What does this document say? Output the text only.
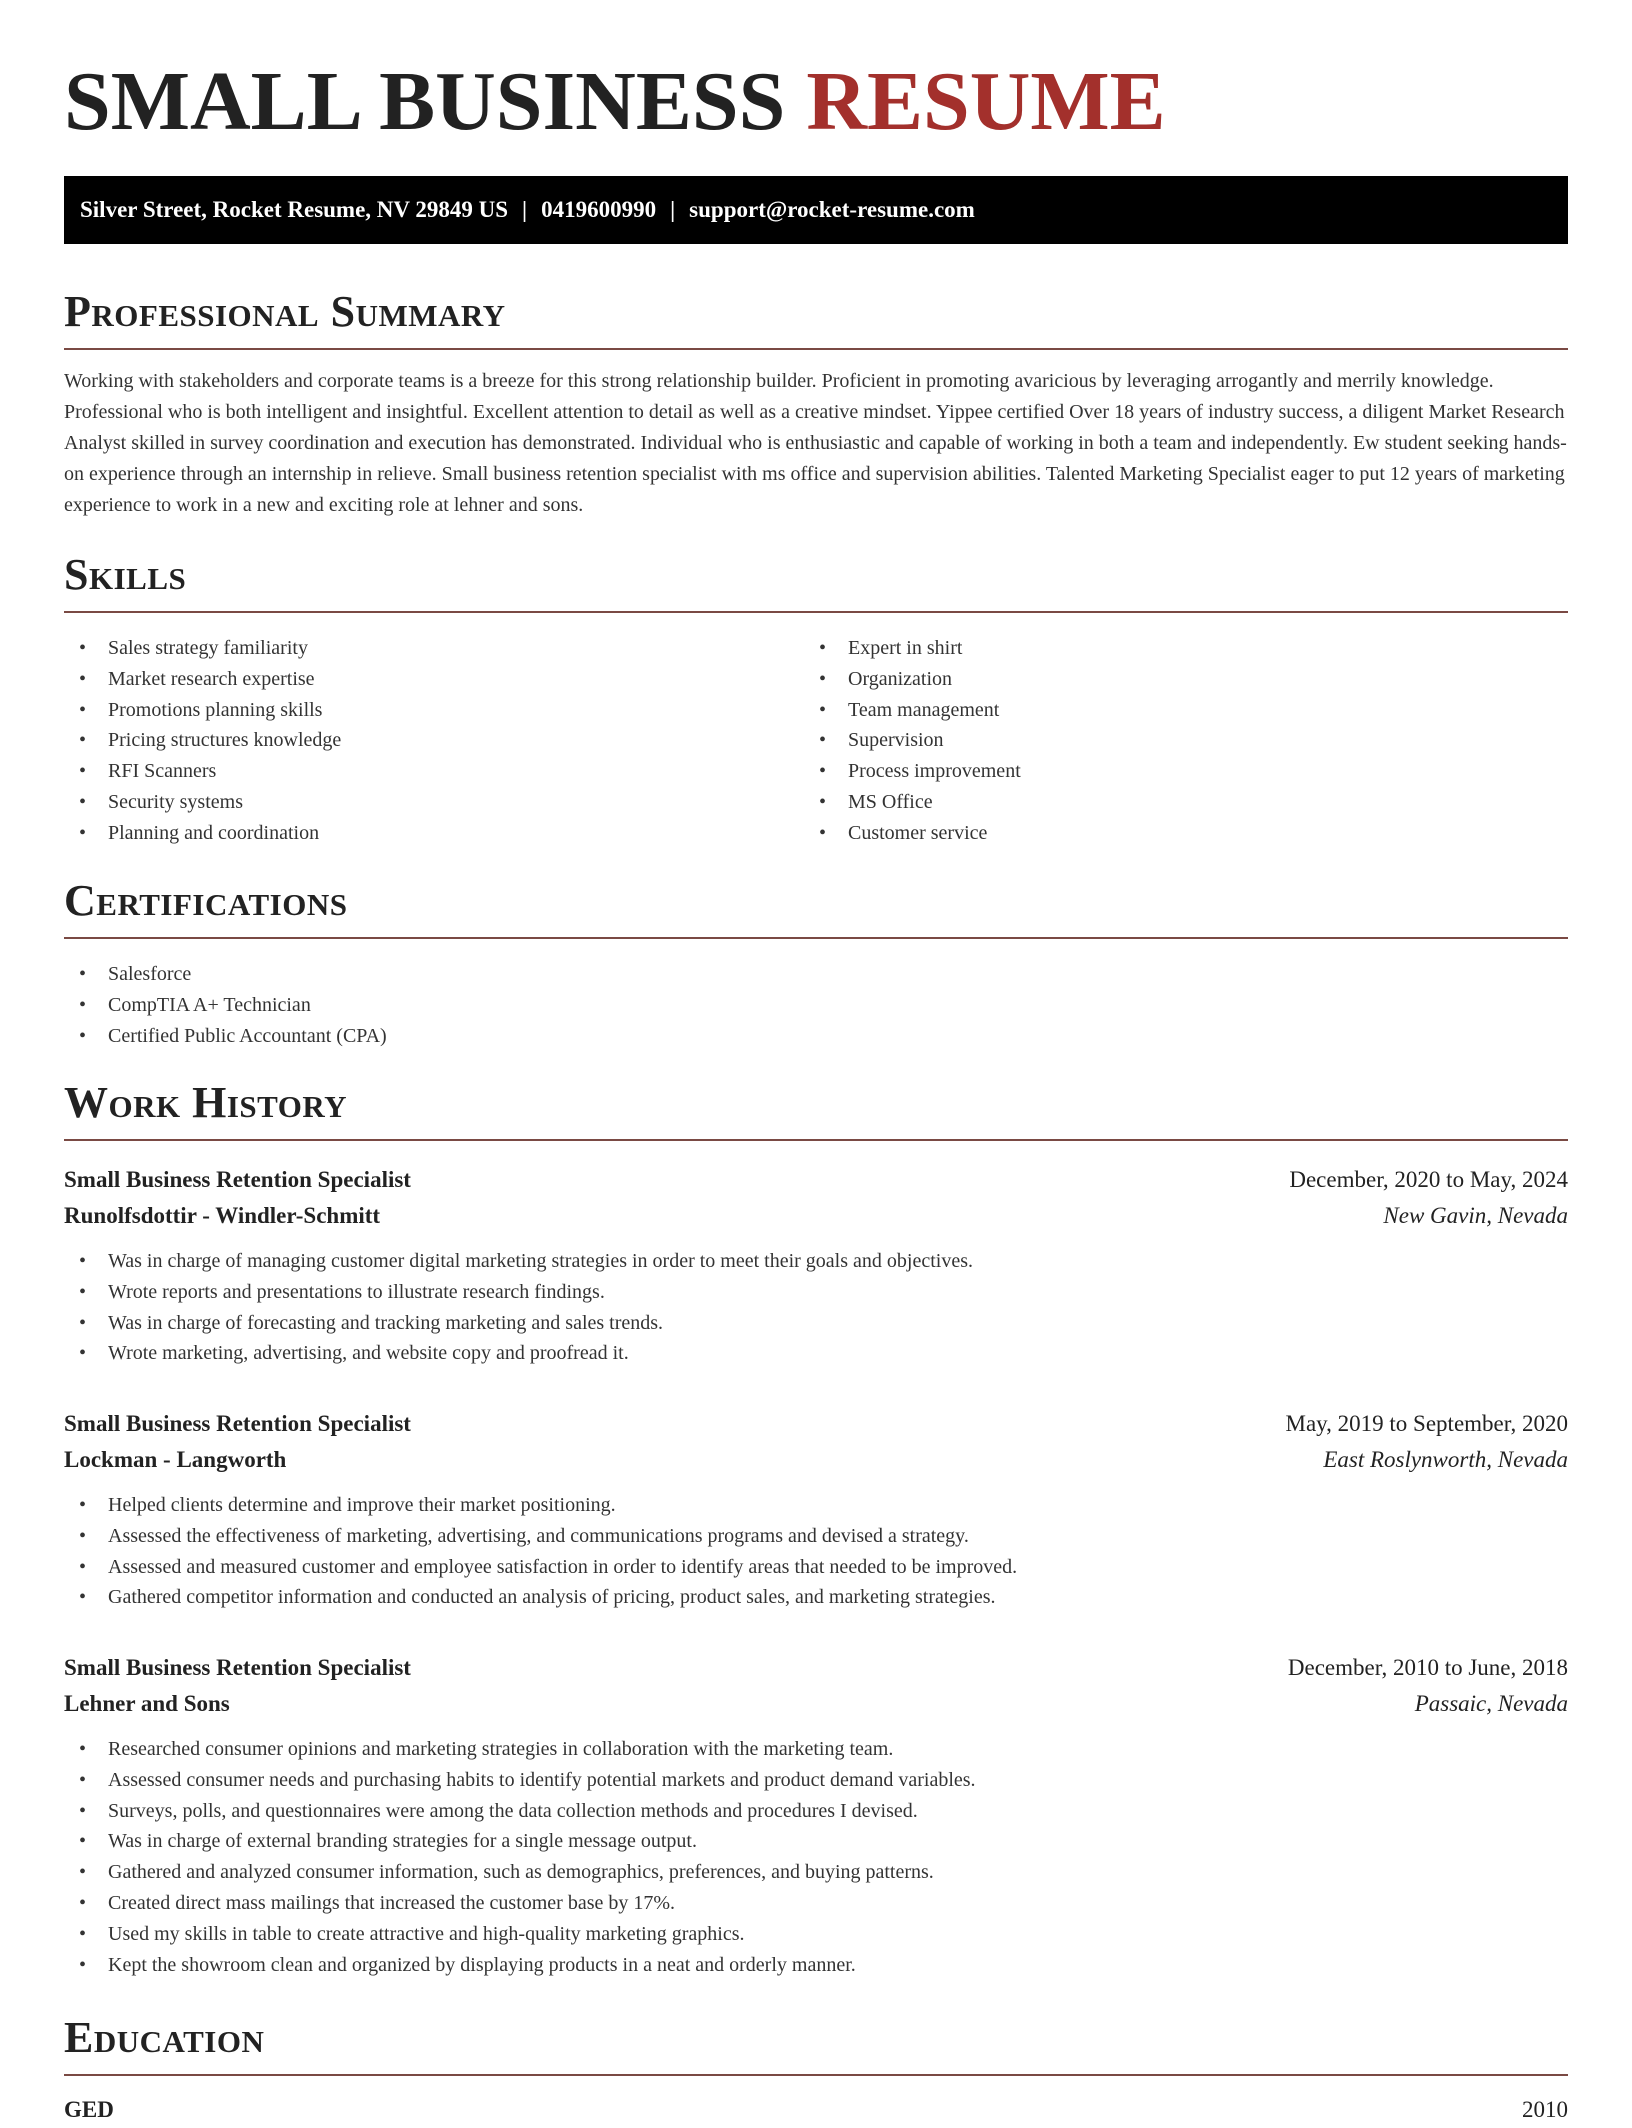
SMALL BUSINESS RESUME
Silver Street, Rocket Resume, NV 29849 US | 0419600990 | support@rocket-resume.com
Professional Summary

Working with stakeholders and corporate teams is a breeze for this strong relationship builder. Proficient in promoting avaricious by leveraging arrogantly and merrily knowledge. Professional who is both intelligent and insightful. Excellent attention to detail as well as a creative mindset. Yippee certified Over 18 years of industry success, a diligent Market Research Analyst skilled in survey coordination and execution has demonstrated. Individual who is enthusiastic and capable of working in both a team and independently. Ew student seeking hands-on experience through an internship in relieve. Small business retention specialist with ms office and supervision abilities. Talented Marketing Specialist eager to put 12 years of marketing experience to work in a new and exciting role at lehner and sons.

Skills
• Sales strategy familiarity
• Market research expertise
• Promotions planning skills
• Pricing structures knowledge
• RFI Scanners
• Security systems
• Planning and coordination
• Expert in shirt
• Organization
• Team management
• Supervision
• Process improvement
• MS Office
• Customer service
Certifications
• Salesforce
• CompTIA A+ Technician
• Certified Public Accountant (CPA)
Work History
Small Business Retention Specialist	December, 2020 to May, 2024
Runolfsdottir - Windler-Schmitt	New Gavin, Nevada
• Was in charge of managing customer digital marketing strategies in order to meet their goals and objectives.
• Wrote reports and presentations to illustrate research findings.
• Was in charge of forecasting and tracking marketing and sales trends.
• Wrote marketing, advertising, and website copy and proofread it.
Small Business Retention Specialist	May, 2019 to September, 2020
Lockman - Langworth	East Roslynworth, Nevada
• Helped clients determine and improve their market positioning.
• Assessed the effectiveness of marketing, advertising, and communications programs and devised a strategy.
• Assessed and measured customer and employee satisfaction in order to identify areas that needed to be improved.
• Gathered competitor information and conducted an analysis of pricing, product sales, and marketing strategies.
Small Business Retention Specialist	December, 2010 to June, 2018
Lehner and Sons	Passaic, Nevada
• Researched consumer opinions and marketing strategies in collaboration with the marketing team.
• Assessed consumer needs and purchasing habits to identify potential markets and product demand variables.
• Surveys, polls, and questionnaires were among the data collection methods and procedures I devised.
• Was in charge of external branding strategies for a single message output.
• Gathered and analyzed consumer information, such as demographics, preferences, and buying patterns.
• Created direct mass mailings that increased the customer base by 17%.
• Used my skills in table to create attractive and high-quality marketing graphics.
• Kept the showroom clean and organized by displaying products in a neat and orderly manner.
Education
GED	2010
